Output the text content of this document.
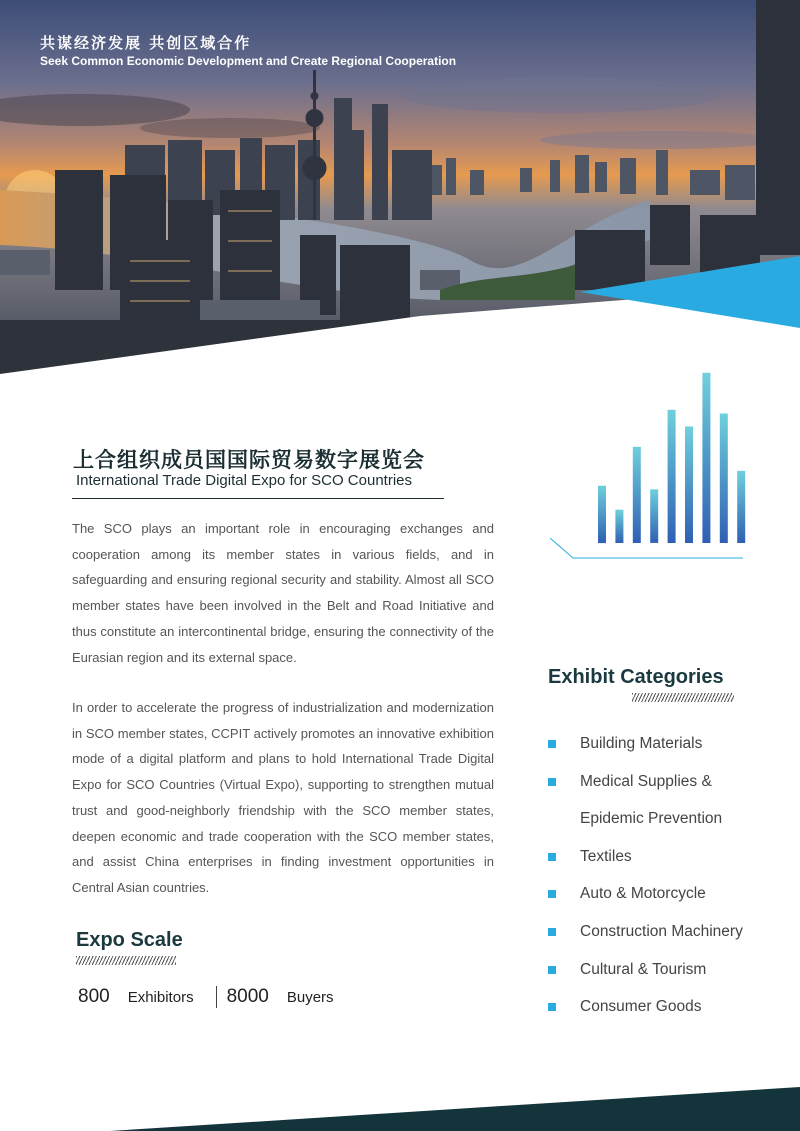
共谋经济发展 共创区域合作
Seek Common Economic Development and Create Regional Cooperation
上合组织成员国国际贸易数字展览会
International Trade Digital Expo for SCO Countries
The SCO plays an important role in encouraging exchanges and cooperation among its member states in various fields, and in safeguarding and ensuring regional security and stability. Almost all SCO member states have been involved in the Belt and Road Initiative and thus constitute an intercontinental bridge, ensuring the connectivity of the Eurasian region and its external space.
In order to accelerate the progress of industrialization and modernization in SCO member states, CCPIT actively promotes an innovative exhibition mode of a digital platform and plans to hold International Trade Digital Expo for SCO Countries (Virtual Expo), supporting to strengthen mutual trust and good-neighborly friendship with the SCO member states, deepen economic and trade cooperation with the SCO member states, and assist China enterprises in finding investment opportunities in Central Asian countries.
Expo Scale
800 Exhibitors 8000 Buyers
Exhibit Categories
Building Materials
Medical Supplies &
Epidemic Prevention
Textiles
Auto & Motorcycle
Construction Machinery
Cultural & Tourism
Consumer Goods
